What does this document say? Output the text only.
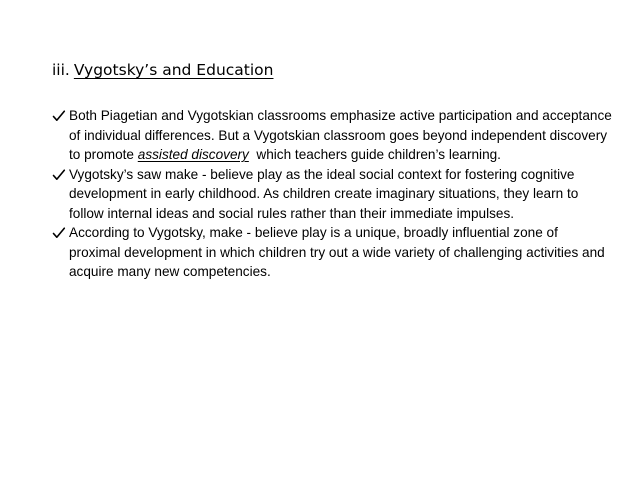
iii. Vygotsky’s and Education
Both Piagetian and Vygotskian classrooms emphasize active participation and acceptance of individual differences. But a Vygotskian classroom goes beyond independent discovery to promote assisted discovery  which teachers guide children’s learning.
Vygotsky’s saw make - believe play as the ideal social context for fostering cognitive development in early childhood. As children create imaginary situations, they learn to follow internal ideas and social rules rather than their immediate impulses.
According to Vygotsky, make - believe play is a unique, broadly influential zone of proximal development in which children try out a wide variety of challenging activities and acquire many new competencies.
